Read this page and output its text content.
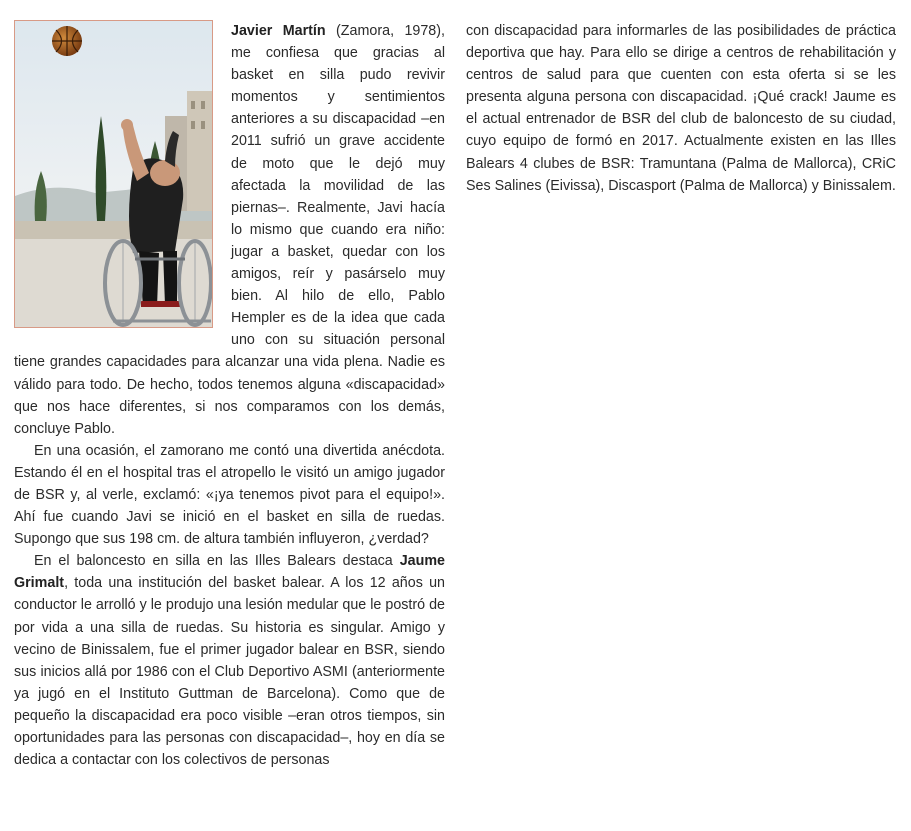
Javier Martín (Zamora, 1978), me confiesa que gracias al basket en silla pudo revivir momentos y sentimientos anteriores a su discapacidad –en 2011 sufrió un grave accidente de moto que le dejó muy afectada la movilidad de las piernas–. Realmente, Javi hacía lo mismo que cuando era niño: jugar a basket, quedar con los amigos, reír y pasárselo muy bien. Al hilo de ello, Pablo Hempler es de la idea que cada uno con su situación personal tiene grandes capacidades para alcanzar una vida plena. Nadie es válido para todo. De hecho, todos tenemos alguna «discapacidad» que nos hace diferentes, si nos comparamos con los demás, concluye Pablo.

En una ocasión, el zamorano me contó una divertida anécdota. Estando él en el hospital tras el atropello le visitó un amigo jugador de BSR y, al verle, exclamó: «¡ya tenemos pivot para el equipo!». Ahí fue cuando Javi se inició en el basket en silla de ruedas. Supongo que sus 198 cm. de altura también influyeron, ¿verdad?

En el baloncesto en silla en las Illes Balears destaca Jaume Grimalt, toda una institución del basket balear. A los 12 años un conductor le arrolló y le produjo una lesión medular que le postró de por vida a una silla de ruedas. Su historia es singular. Amigo y vecino de Binissalem, fue el primer jugador balear en BSR, siendo sus inicios allá por 1986 con el Club Deportivo ASMI (anteriormente ya jugó en el Instituto Guttman de Barcelona). Como que de pequeño la discapacidad era poco visible –eran otros tiempos, sin oportunidades para las personas con discapacidad–, hoy en día se dedica a contactar con los colectivos de personas

con discapacidad para informarles de las posibilidades de práctica deportiva que hay. Para ello se dirige a centros de rehabilitación y centros de salud para que cuenten con esta oferta si se les presenta alguna persona con discapacidad. ¡Qué crack! Jaume es el actual entrenador de BSR del club de baloncesto de su ciudad, cuyo equipo de formó en 2017. Actualmente existen en las Illes Balears 4 clubes de BSR: Tramuntana (Palma de Mallorca), CRiC Ses Salines (Eivissa), Discasport (Palma de Mallorca) y Binissalem.
